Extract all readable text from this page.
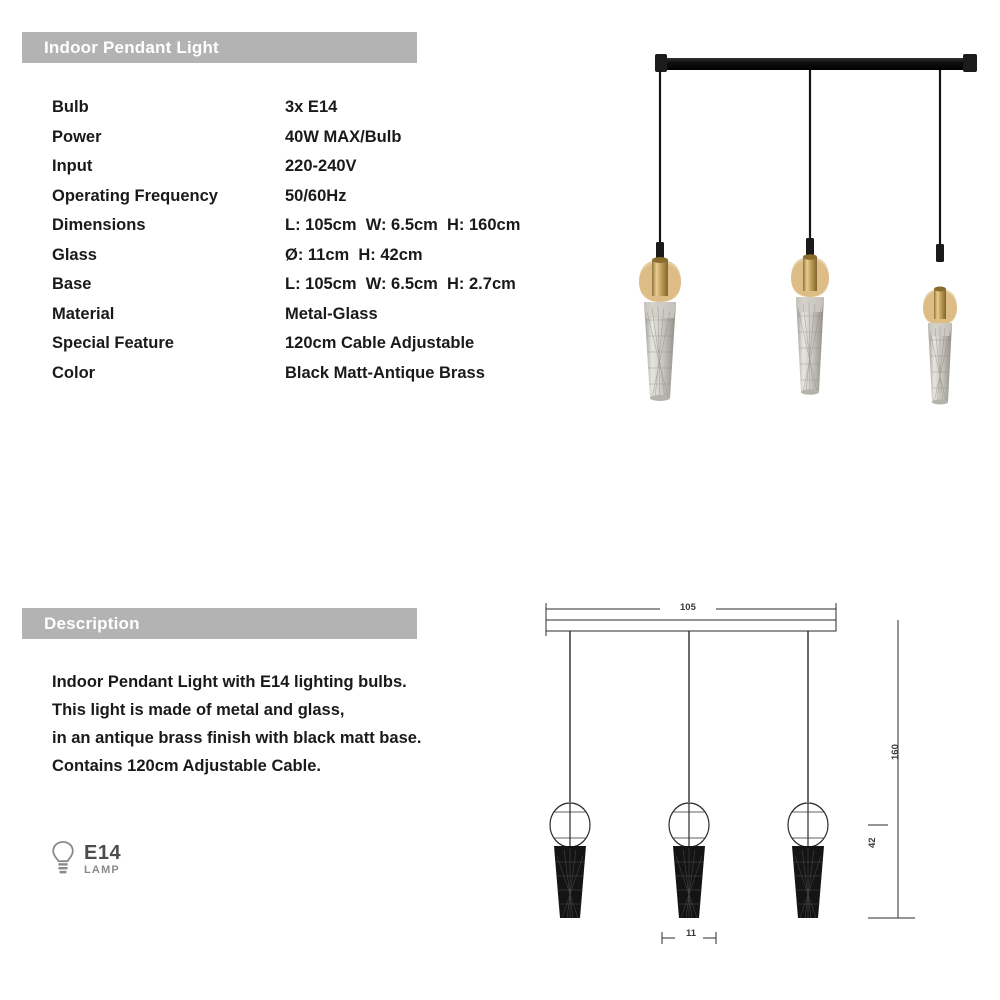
Indoor Pendant Light
Bulb	3x E14
Power	40W MAX/Bulb
Input	220-240V
Operating Frequency	50/60Hz
Dimensions	L: 105cm  W: 6.5cm  H: 160cm
Glass	Ø: 11cm  H: 42cm
Base	L: 105cm  W: 6.5cm  H: 2.7cm
Material	Metal-Glass
Special Feature	120cm Cable Adjustable
Color	Black Matt-Antique Brass
Description
Indoor Pendant Light with E14 lighting bulbs.
This light is made of metal and glass,
in an antique brass finish with black matt base.
Contains 120cm Adjustable Cable.
E14
LAMP
105
11
160
42
